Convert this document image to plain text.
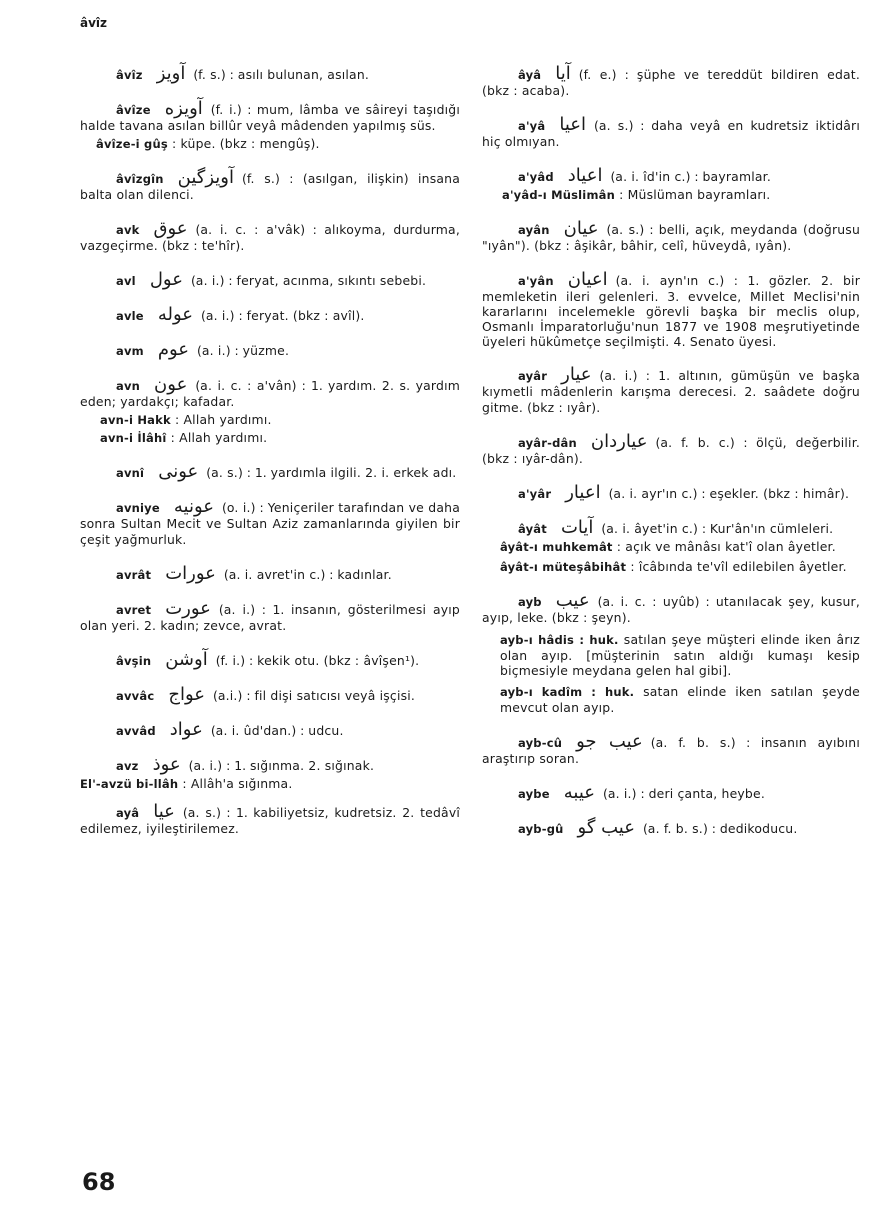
âvîz
âvîz آویز (f. s.) : asılı bulunan, asılan.
âvîze آویزه (f. i.) : mum, lâmba ve sâireyi taşıdığı halde tavana asılan billûr veyâ mâdenden yapılmış süs.
âvîze-i gûş : küpe. (bkz : mengûş).
âvîzgîn آویزگین (f. s.) : (asılgan, ilişkin) insana balta olan dilenci.
avk عوق (a. i. c. : a'vâk) : alıkoyma, durdurma, vazgeçirme. (bkz : te'hîr).
avl عول (a. i.) : feryat, acınma, sıkıntı sebebi.
avle عوله (a. i.) : feryat. (bkz : avîl).
avm عوم (a. i.) : yüzme.
avn عون (a. i. c. : a'vân) : 1. yardım. 2. s. yardım eden; yardakçı; kafadar.
avn-i Hakk : Allah yardımı.
avn-i İlâhî : Allah yardımı.
avnî عونی (a. s.) : 1. yardımla ilgili. 2. i. erkek adı.
avniye عونیه (o. i.) : Yeniçeriler tarafından ve daha sonra Sultan Mecit ve Sultan Aziz zamanlarında giyilen bir çeşit yağmurluk.
avrât عورات (a. i. avret'in c.) : kadınlar.
avret عورت (a. i.) : 1. insanın, gösterilmesi ayıp olan yeri. 2. kadın; zevce, avrat.
âvşin آوشن (f. i.) : kekik otu. (bkz : âvîşen¹).
avvâc عواج (a.i.) : fil dişi satıcısı veyâ işçisi.
avvâd عواد (a. i. ûd'dan.) : udcu.
avz عوذ (a. i.) : 1. sığınma. 2. sığınak.
El'-avzü bi-llâh : Allâh'a sığınma.
ayâ عیا (a. s.) : 1. kabiliyetsiz, kudretsiz. 2. tedâvî edilemez, iyileştirilemez.
âyâ آیا (f. e.) : şüphe ve tereddüt bildiren edat. (bkz : acaba).
a'yâ اعیا (a. s.) : daha veyâ en kudretsiz iktidârı hiç olmıyan.
a'yâd اعیاد (a. i. îd'in c.) : bayramlar.
a'yâd-ı Müslimân : Müslüman bayramları.
ayân عیان (a. s.) : belli, açık, meydanda (doğrusu "ıyân"). (bkz : âşikâr, bâhir, celî, hüveydâ, ıyân).
a'yân اعیان (a. i. ayn'ın c.) : 1. gözler. 2. bir memleketin ileri gelenleri. 3. evvelce, Millet Meclisi'nin kararlarını incelemekle görevli başka bir meclis olup, Osmanlı İmparatorluğu'nun 1877 ve 1908 meşrutiyetinde üyeleri hükûmetçe seçilmişti. 4. Senato üyesi.
ayâr عیار (a. i.) : 1. altının, gümüşün ve başka kıymetli mâdenlerin karışma derecesi. 2. saâdete doğru gitme. (bkz : ıyâr).
ayâr-dân عیاردان (a. f. b. c.) : ölçü, değerbilir. (bkz : ıyâr-dân).
a'yâr اعیار (a. i. ayr'ın c.) : eşekler. (bkz : himâr).
âyât آیات (a. i. âyet'in c.) : Kur'ân'ın cümleleri.
âyât-ı muhkemât : açık ve mânâsı kat'î olan âyetler.
âyât-ı müteşâbihât : îcâbında te'vîl edilebilen âyetler.
ayb عیب (a. i. c. : uyûb) : utanılacak şey, kusur, ayıp, leke. (bkz : şeyn).
ayb-ı hâdis : huk. satılan şeye müşteri elinde iken ârız olan ayıp. [müşterinin satın aldığı kumaşı kesip biçmesiyle meydana gelen hal gibi].
ayb-ı kadîm : huk. satan elinde iken satılan şeyde mevcut olan ayıp.
ayb-cû عیب جو (a. f. b. s.) : insanın ayıbını araştırıp soran.
aybe عیبه (a. i.) : deri çanta, heybe.
ayb-gû عیب گو (a. f. b. s.) : dedikoducu.
68
